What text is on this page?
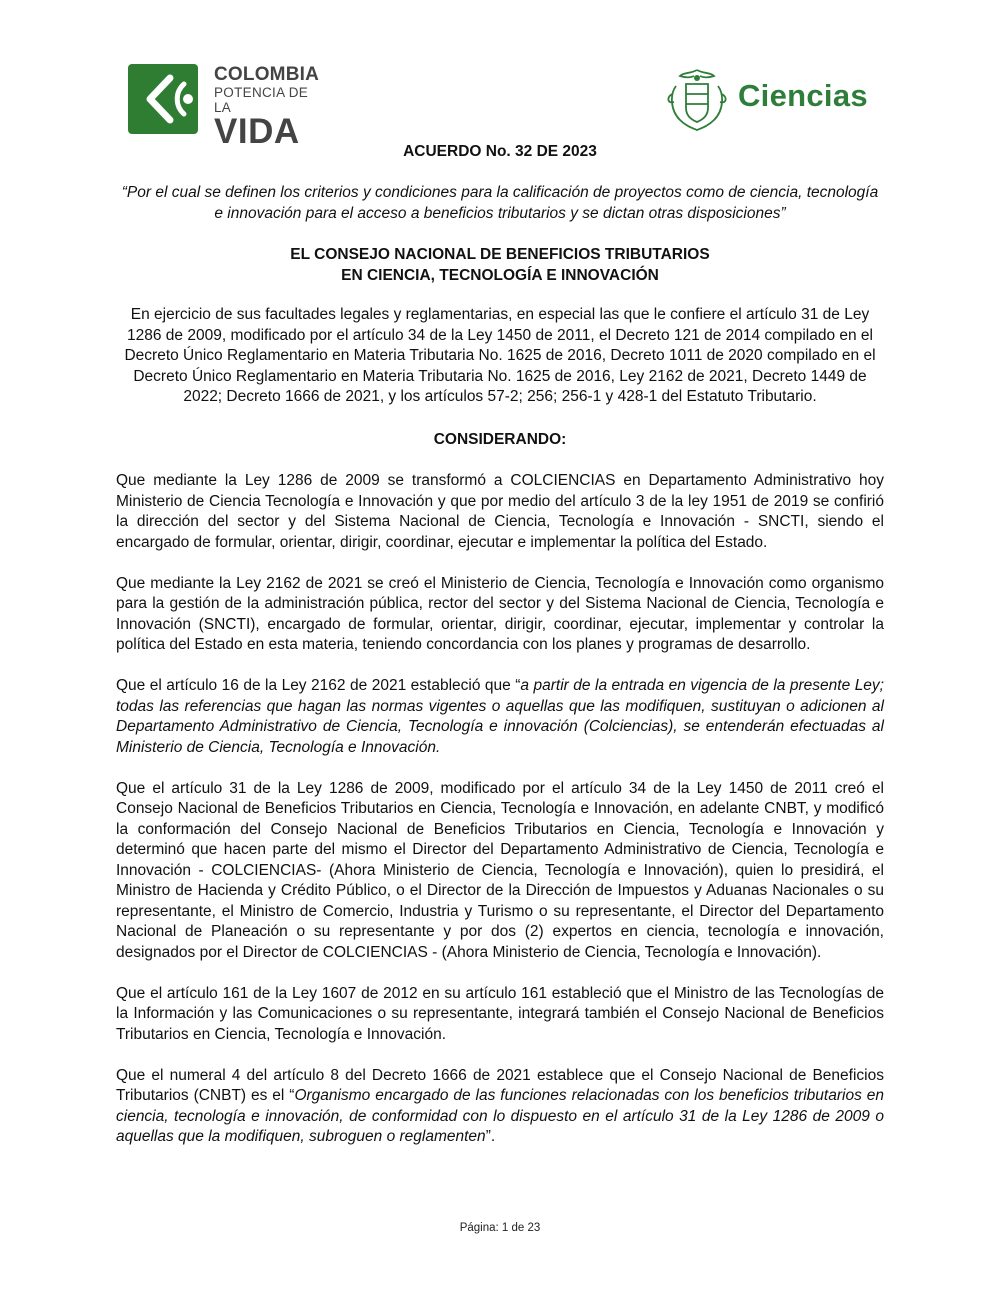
COLOMBIA
POTENCIA DE LA
VIDA
Ciencias
ACUERDO No. 32 DE 2023
“Por el cual se definen los criterios y condiciones para la calificación de proyectos como de ciencia, tecnología e innovación para el acceso a beneficios tributarios y se dictan otras disposiciones”
EL CONSEJO NACIONAL DE BENEFICIOS TRIBUTARIOS
EN CIENCIA, TECNOLOGÍA E INNOVACIÓN
En ejercicio de sus facultades legales y reglamentarias, en especial las que le confiere el artículo 31 de Ley 1286 de 2009, modificado por el artículo 34 de la Ley 1450 de 2011, el Decreto 121 de 2014 compilado en el Decreto Único Reglamentario en Materia Tributaria No. 1625 de 2016, Decreto 1011 de 2020 compilado en el Decreto Único Reglamentario en Materia Tributaria No. 1625 de 2016, Ley 2162 de 2021, Decreto 1449 de 2022; Decreto 1666 de 2021, y los artículos 57-2; 256; 256-1 y 428-1 del Estatuto Tributario.
CONSIDERANDO:

Que mediante la Ley 1286 de 2009 se transformó a COLCIENCIAS en Departamento Administrativo hoy Ministerio de Ciencia Tecnología e Innovación y que por medio del artículo 3 de la ley 1951 de 2019 se confirió la dirección del sector y del Sistema Nacional de Ciencia, Tecnología e Innovación - SNCTI, siendo el encargado de formular, orientar, dirigir, coordinar, ejecutar e implementar la política del Estado.

Que mediante la Ley 2162 de 2021 se creó el Ministerio de Ciencia, Tecnología e Innovación como organismo para la gestión de la administración pública, rector del sector y del Sistema Nacional de Ciencia, Tecnología e Innovación (SNCTI), encargado de formular, orientar, dirigir, coordinar, ejecutar, implementar y controlar la política del Estado en esta materia, teniendo concordancia con los planes y programas de desarrollo.

Que el artículo 16 de la Ley 2162 de 2021 estableció que “a partir de la entrada en vigencia de la presente Ley; todas las referencias que hagan las normas vigentes o aquellas que las modifiquen, sustituyan o adicionen al Departamento Administrativo de Ciencia, Tecnología e innovación (Colciencias), se entenderán efectuadas al Ministerio de Ciencia, Tecnología e Innovación.

Que el artículo 31 de la Ley 1286 de 2009, modificado por el artículo 34 de la Ley 1450 de 2011 creó el Consejo Nacional de Beneficios Tributarios en Ciencia, Tecnología e Innovación, en adelante CNBT, y modificó la conformación del Consejo Nacional de Beneficios Tributarios en Ciencia, Tecnología e Innovación y determinó que hacen parte del mismo el Director del Departamento Administrativo de Ciencia, Tecnología e Innovación - COLCIENCIAS- (Ahora Ministerio de Ciencia, Tecnología e Innovación), quien lo presidirá, el Ministro de Hacienda y Crédito Público, o el Director de la Dirección de Impuestos y Aduanas Nacionales o su representante, el Ministro de Comercio, Industria y Turismo o su representante, el Director del Departamento Nacional de Planeación o su representante y por dos (2) expertos en ciencia, tecnología e innovación, designados por el Director de COLCIENCIAS - (Ahora Ministerio de Ciencia, Tecnología e Innovación).

Que el artículo 161 de la Ley 1607 de 2012 en su artículo 161 estableció que el Ministro de las Tecnologías de la Información y las Comunicaciones o su representante, integrará también el Consejo Nacional de Beneficios Tributarios en Ciencia, Tecnología e Innovación.

Que el numeral 4 del artículo 8 del Decreto 1666 de 2021 establece que el Consejo Nacional de Beneficios Tributarios (CNBT) es el “Organismo encargado de las funciones relacionadas con los beneficios tributarios en ciencia, tecnología e innovación, de conformidad con lo dispuesto en el artículo 31 de la Ley 1286 de 2009 o aquellas que la modifiquen, subroguen o reglamenten”.

Página: 1 de 23
